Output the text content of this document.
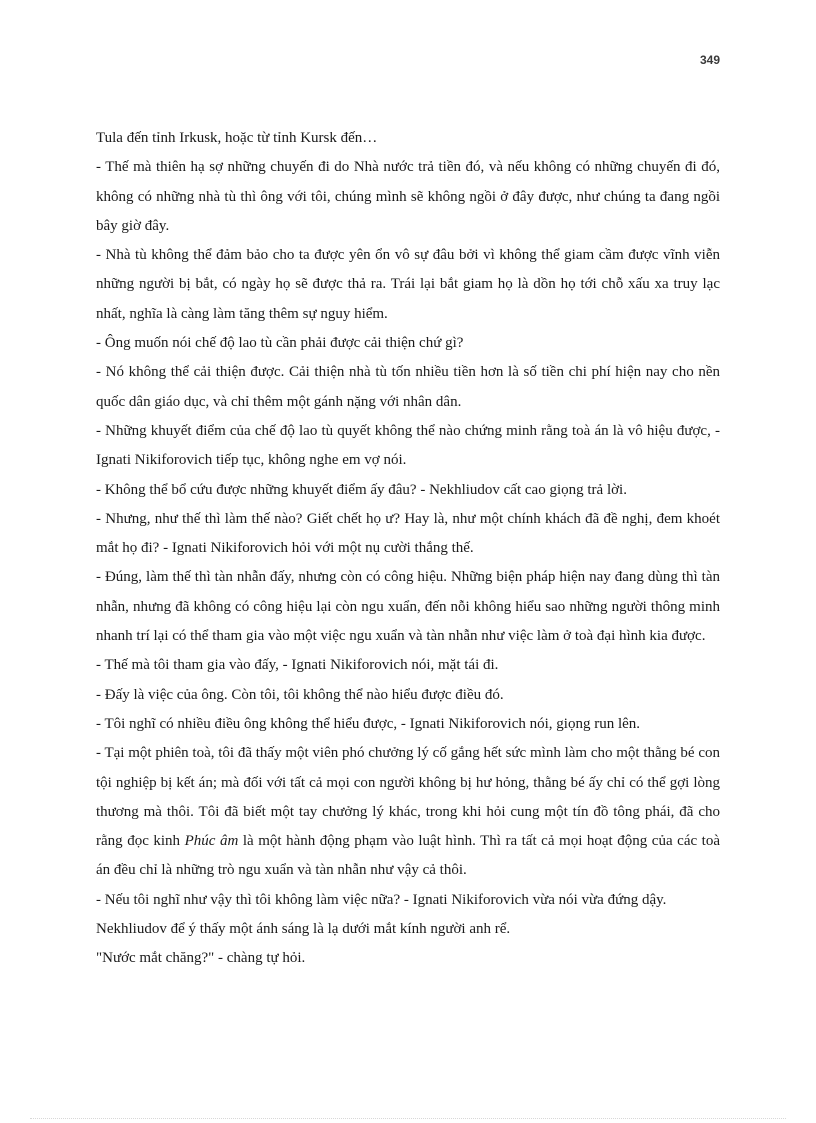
349

Tula đến tỉnh Irkusk, hoặc từ tỉnh Kursk đến…

- Thế mà thiên hạ sợ những chuyến đi do Nhà nước trả tiền đó, và nếu không có những chuyến đi đó, không có những nhà tù thì ông với tôi, chúng mình sẽ không ngồi ở đây được, như chúng ta đang ngồi bây giờ đây.

- Nhà tù không thể đảm bảo cho ta được yên ổn vô sự đâu bởi vì không thể giam cầm được vĩnh viễn những người bị bắt, có ngày họ sẽ được thả ra. Trái lại bắt giam họ là dồn họ tới chỗ xấu xa truy lạc nhất, nghĩa là càng làm tăng thêm sự nguy hiểm.

- Ông muốn nói chế độ lao tù cần phải được cải thiện chứ gì?

- Nó không thể cải thiện được. Cải thiện nhà tù tốn nhiều tiền hơn là số tiền chi phí hiện nay cho nền quốc dân giáo dục, và chỉ thêm một gánh nặng với nhân dân.

- Những khuyết điểm của chế độ lao tù quyết không thể nào chứng minh rằng toà án là vô hiệu được, - Ignati Nikiforovich tiếp tục, không nghe em vợ nói.

- Không thể bổ cứu được những khuyết điểm ấy đâu? - Nekhliudov cất cao giọng trả lời.

- Nhưng, như thế thì làm thế nào? Giết chết họ ư? Hay là, như một chính khách đã đề nghị, đem khoét mắt họ đi? - Ignati Nikiforovich hỏi với một nụ cười thắng thế.

- Đúng, làm thế thì tàn nhẫn đấy, nhưng còn có công hiệu. Những biện pháp hiện nay đang dùng thì tàn nhẫn, nhưng đã không có công hiệu lại còn ngu xuẩn, đến nỗi không hiểu sao những người thông minh nhanh trí lại có thể tham gia vào một việc ngu xuẩn và tàn nhẫn như việc làm ở toà đại hình kia được.

- Thế mà tôi tham gia vào đấy, - Ignati Nikiforovich nói, mặt tái đi.

- Đấy là việc của ông. Còn tôi, tôi không thể nào hiểu được điều đó.

- Tôi nghĩ có nhiều điều ông không thể hiểu được, - Ignati Nikiforovich nói, giọng run lên.

- Tại một phiên toà, tôi đã thấy một viên phó chưởng lý cố gắng hết sức mình làm cho một thằng bé con tội nghiệp bị kết án; mà đối với tất cả mọi con người không bị hư hỏng, thằng bé ấy chỉ có thể gợi lòng thương mà thôi. Tôi đã biết một tay chưởng lý khác, trong khi hỏi cung một tín đồ tông phái, đã cho rằng đọc kinh Phúc âm là một hành động phạm vào luật hình. Thì ra tất cả mọi hoạt động của các toà án đều chỉ là những trò ngu xuẩn và tàn nhẫn như vậy cả thôi.

- Nếu tôi nghĩ như vậy thì tôi không làm việc nữa? - Ignati Nikiforovich vừa nói vừa đứng dậy.

Nekhliudov để ý thấy một ánh sáng là lạ dưới mắt kính người anh rể.

"Nước mắt chăng?" - chàng tự hỏi.
